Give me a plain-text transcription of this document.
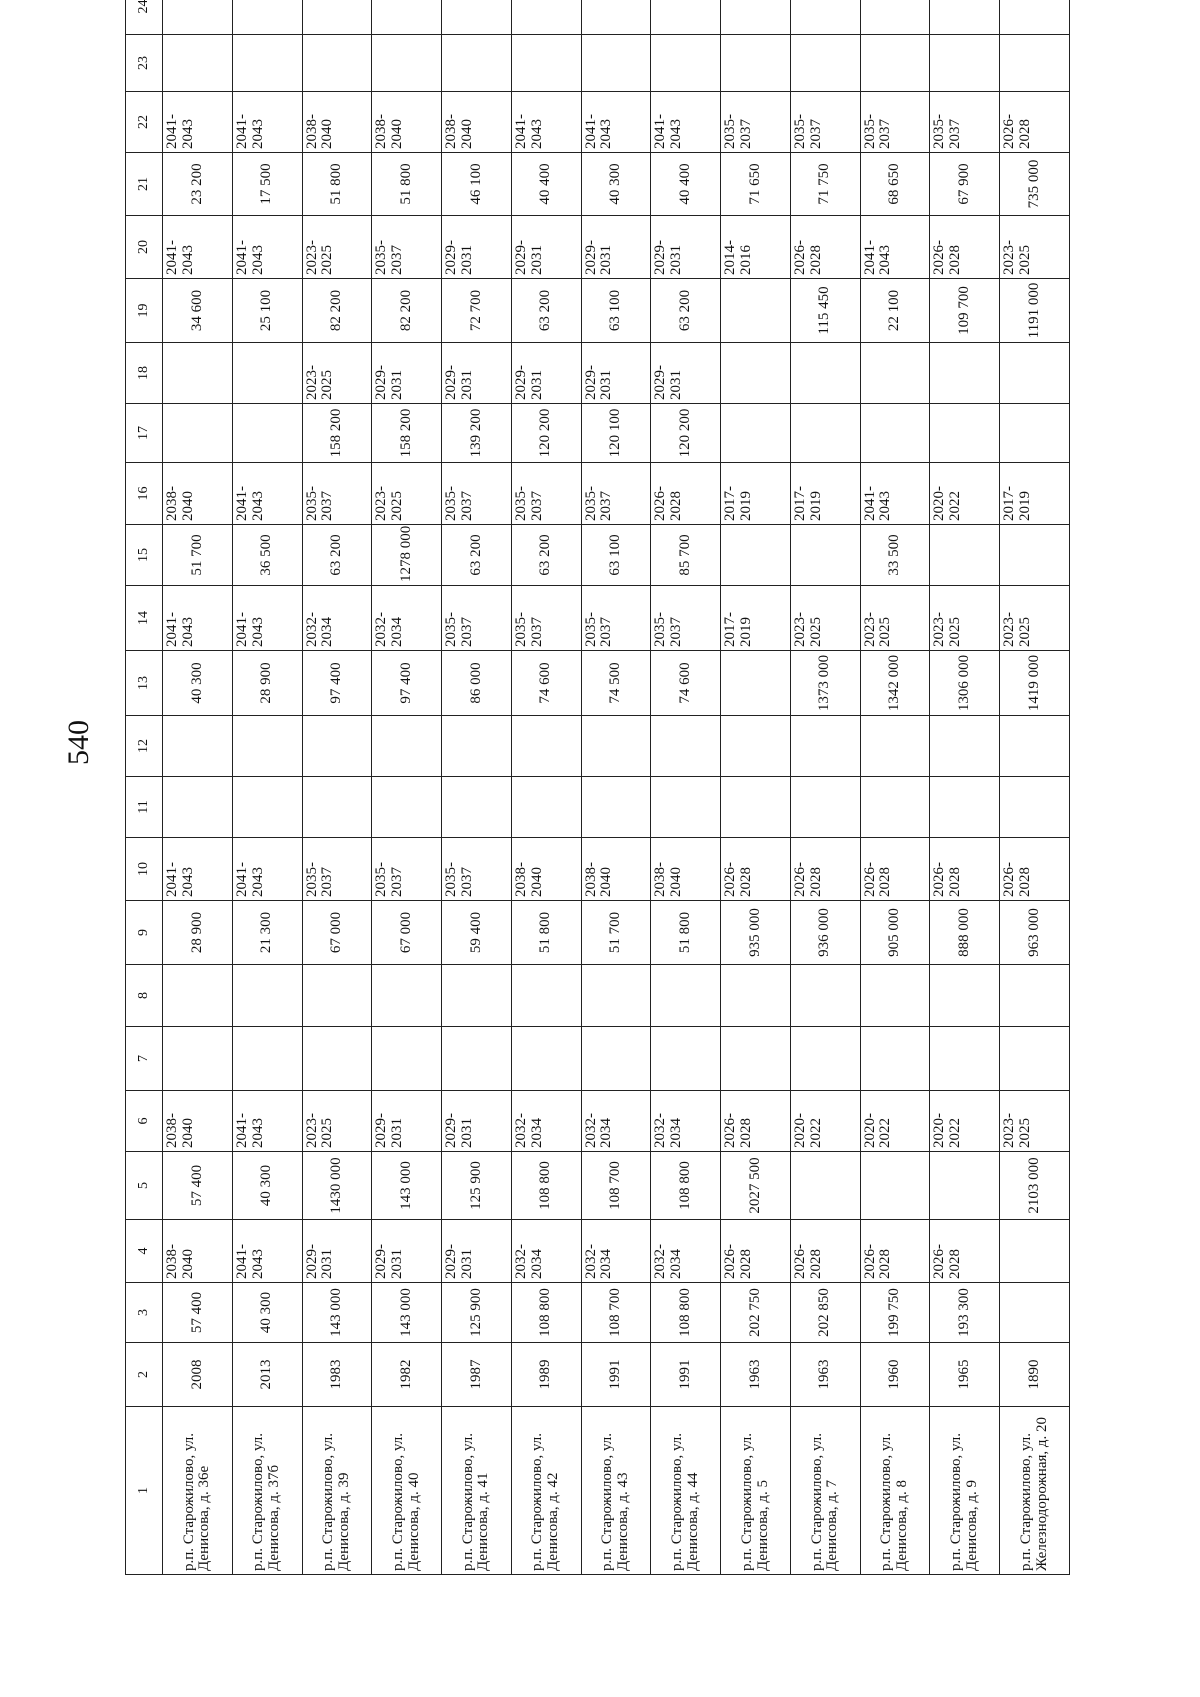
540
1	2	3	4	5	6	7	8	9	10	11	12	13	14	15	16	17	18	19	20	21	22	23	24
р.п. Старожилово, ул. Денисова, д. 36е	2008	57 400	2038-2040	57 400	2038-2040			28 900	2041-2043			40 300	2041-2043	51 700	2038-2040			34 600	2041-2043	23 200	2041-2043		
р.п. Старожилово, ул. Денисова, д. 37б	2013	40 300	2041-2043	40 300	2041-2043			21 300	2041-2043			28 900	2041-2043	36 500	2041-2043			25 100	2041-2043	17 500	2041-2043		
р.п. Старожилово, ул. Денисова, д. 39	1983	143 000	2029-2031	1430 000	2023-2025			67 000	2035-2037			97 400	2032-2034	63 200	2035-2037	158 200	2023-2025	82 200	2023-2025	51 800	2038-2040		
р.п. Старожилово, ул. Денисова, д. 40	1982	143 000	2029-2031	143 000	2029-2031			67 000	2035-2037			97 400	2032-2034	1278 000	2023-2025	158 200	2029-2031	82 200	2035-2037	51 800	2038-2040		
р.п. Старожилово, ул. Денисова, д. 41	1987	125 900	2029-2031	125 900	2029-2031			59 400	2035-2037			86 000	2035-2037	63 200	2035-2037	139 200	2029-2031	72 700	2029-2031	46 100	2038-2040		
р.п. Старожилово, ул. Денисова, д. 42	1989	108 800	2032-2034	108 800	2032-2034			51 800	2038-2040			74 600	2035-2037	63 200	2035-2037	120 200	2029-2031	63 200	2029-2031	40 400	2041-2043		
р.п. Старожилово, ул. Денисова, д. 43	1991	108 700	2032-2034	108 700	2032-2034			51 700	2038-2040			74 500	2035-2037	63 100	2035-2037	120 100	2029-2031	63 100	2029-2031	40 300	2041-2043		
р.п. Старожилово, ул. Денисова, д. 44	1991	108 800	2032-2034	108 800	2032-2034			51 800	2038-2040			74 600	2035-2037	85 700	2026-2028	120 200	2029-2031	63 200	2029-2031	40 400	2041-2043		
р.п. Старожилово, ул. Денисова, д. 5	1963	202 750	2026-2028	2027 500	2026-2028			935 000	2026-2028				2017-2019		2017-2019				2014-2016	71 650	2035-2037		
р.п. Старожилово, ул. Денисова, д. 7	1963	202 850	2026-2028		2020-2022			936 000	2026-2028			1373 000	2023-2025		2017-2019			115 450	2026-2028	71 750	2035-2037		
р.п. Старожилово, ул. Денисова, д. 8	1960	199 750	2026-2028		2020-2022			905 000	2026-2028			1342 000	2023-2025	33 500	2041-2043			22 100	2041-2043	68 650	2035-2037		
р.п. Старожилово, ул. Денисова, д. 9	1965	193 300	2026-2028		2020-2022			888 000	2026-2028			1306 000	2023-2025		2020-2022			109 700	2026-2028	67 900	2035-2037		
р.п. Старожилово, ул. Железнодорожная, д. 20	1890			2103 000	2023-2025			963 000	2026-2028			1419 000	2023-2025		2017-2019			1191 000	2023-2025	735 000	2026-2028		
